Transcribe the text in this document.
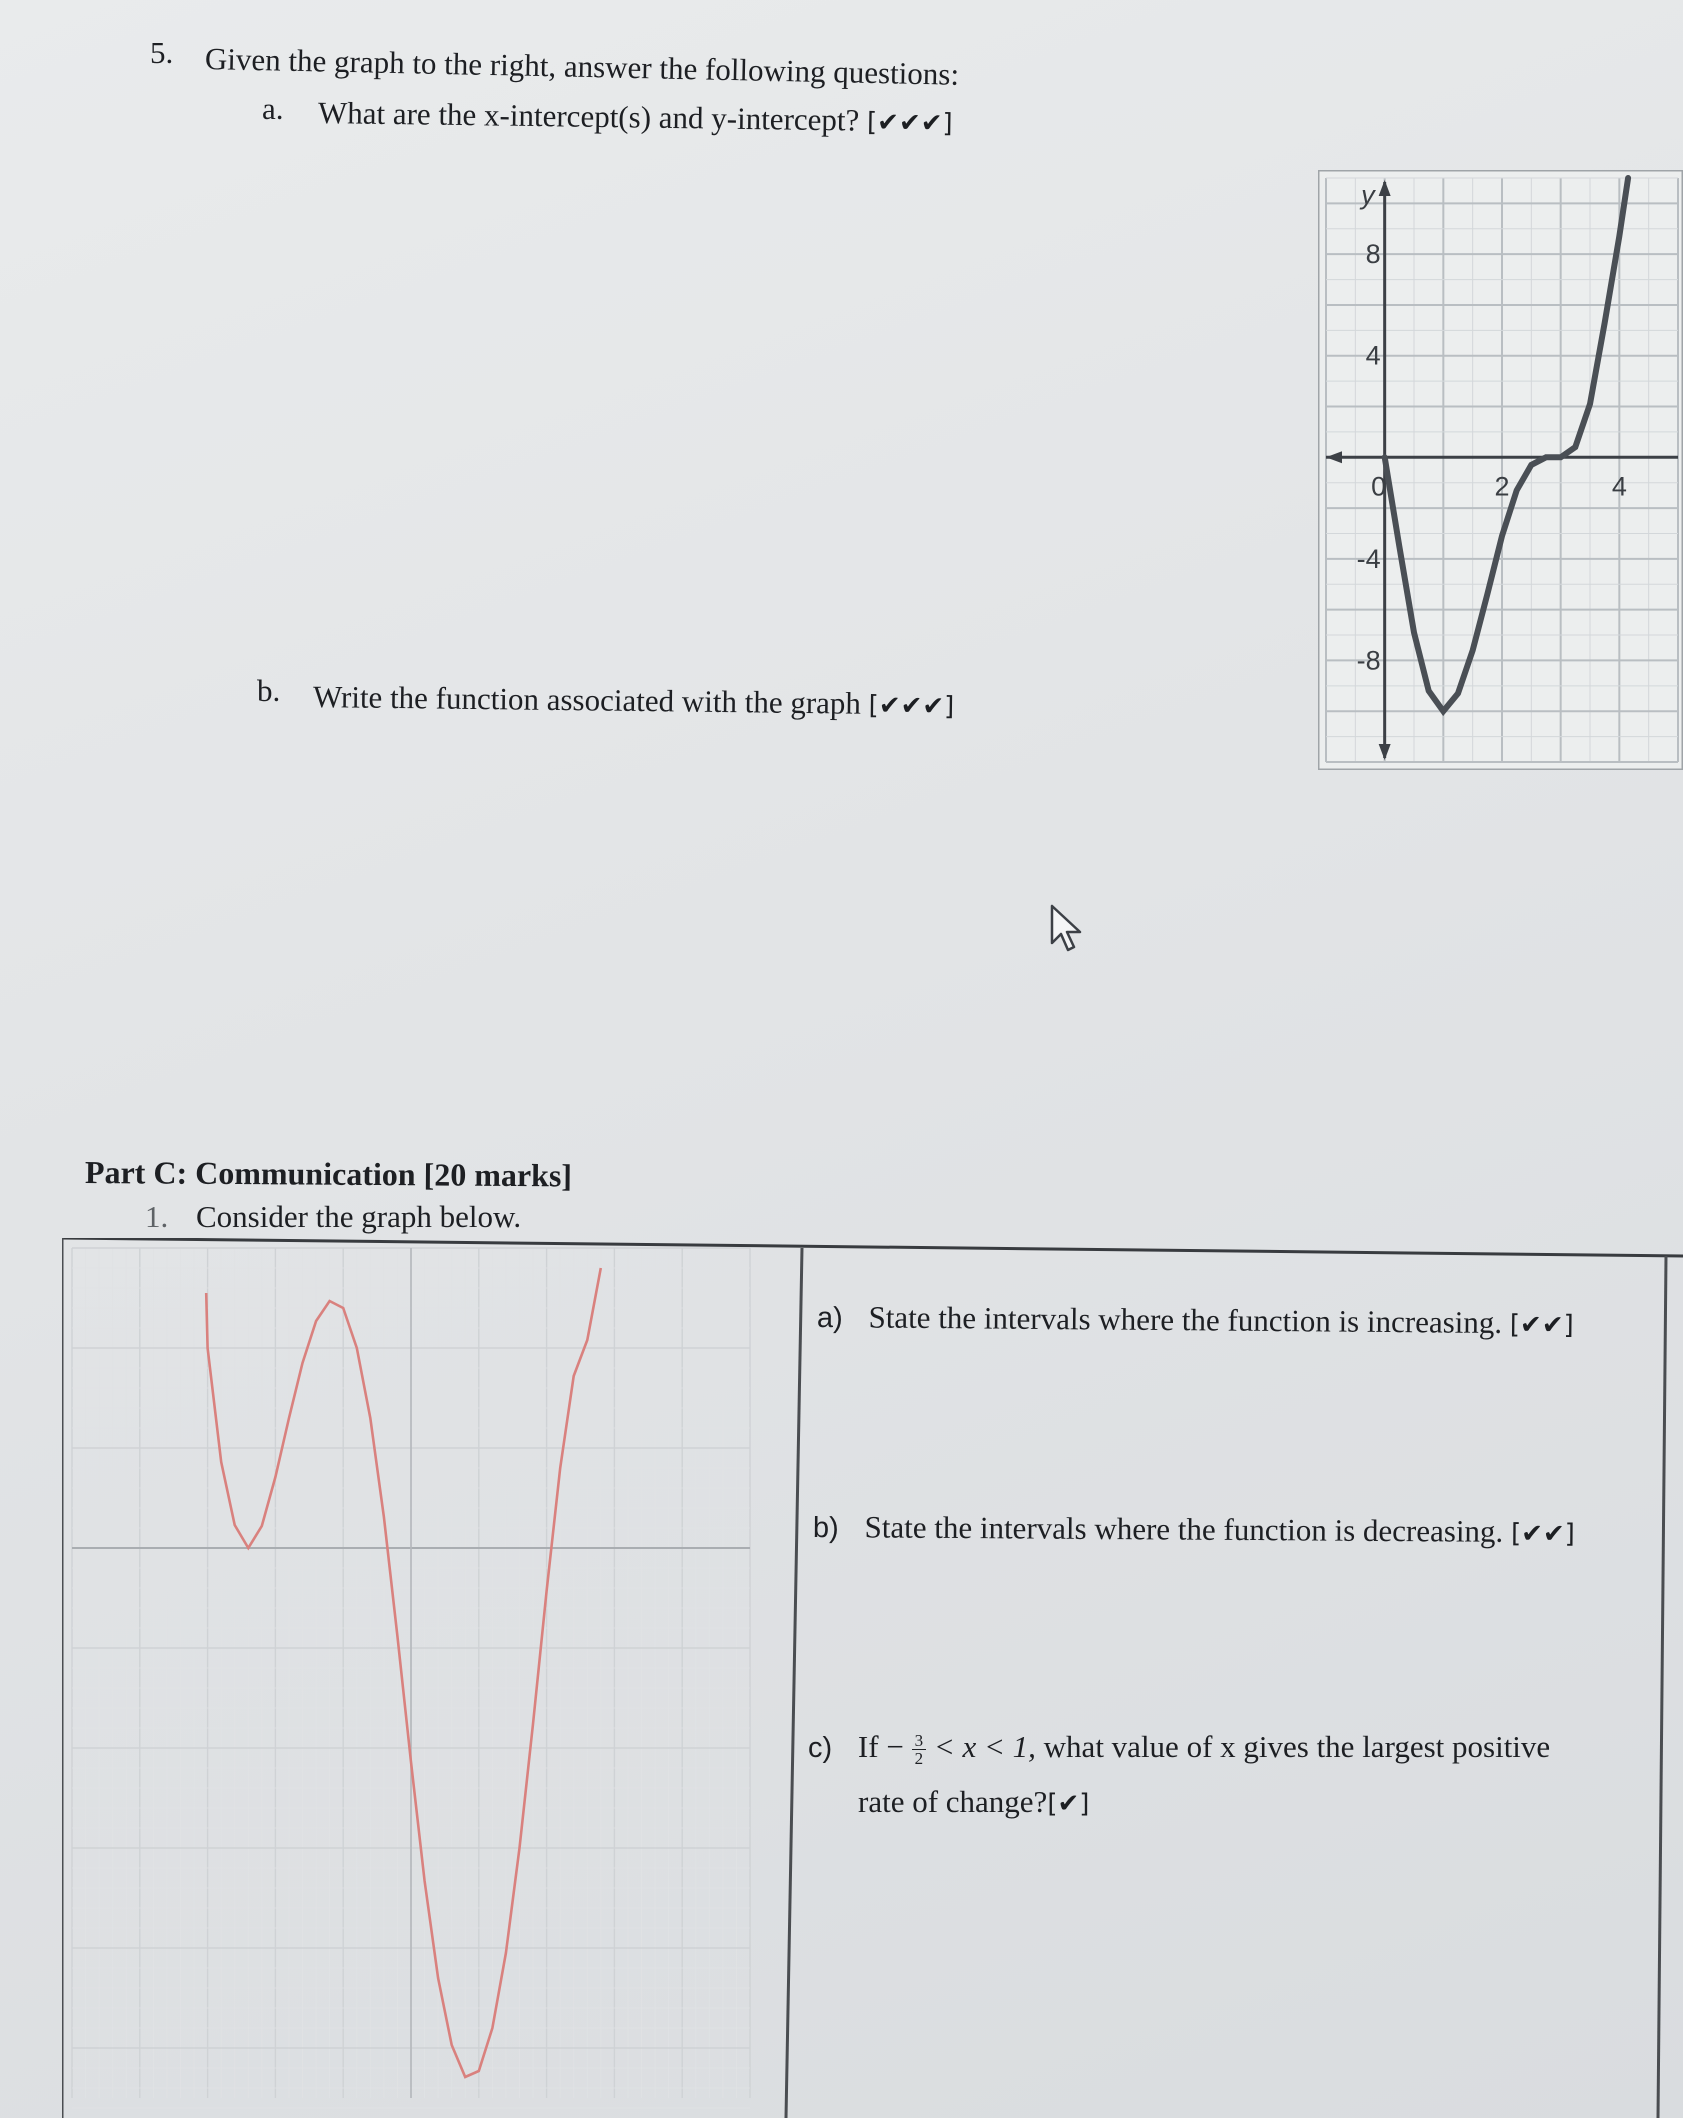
5. Given the graph to the right, answer the following questions:
a. What are the x-intercept(s) and y-intercept? [✔✔✔]
b. Write the function associated with the graph [✔✔✔]
y
0	2	4
8
4
-4
-8
Part C: Communication [20 marks]
1. Consider the graph below.
a) State the intervals where the function is increasing. [✔✔]
b) State the intervals where the function is decreasing. [✔✔]
c) $If - \frac{3}{2} < x < 1$, what value of x gives the largest positive
rate of change?[✔]
